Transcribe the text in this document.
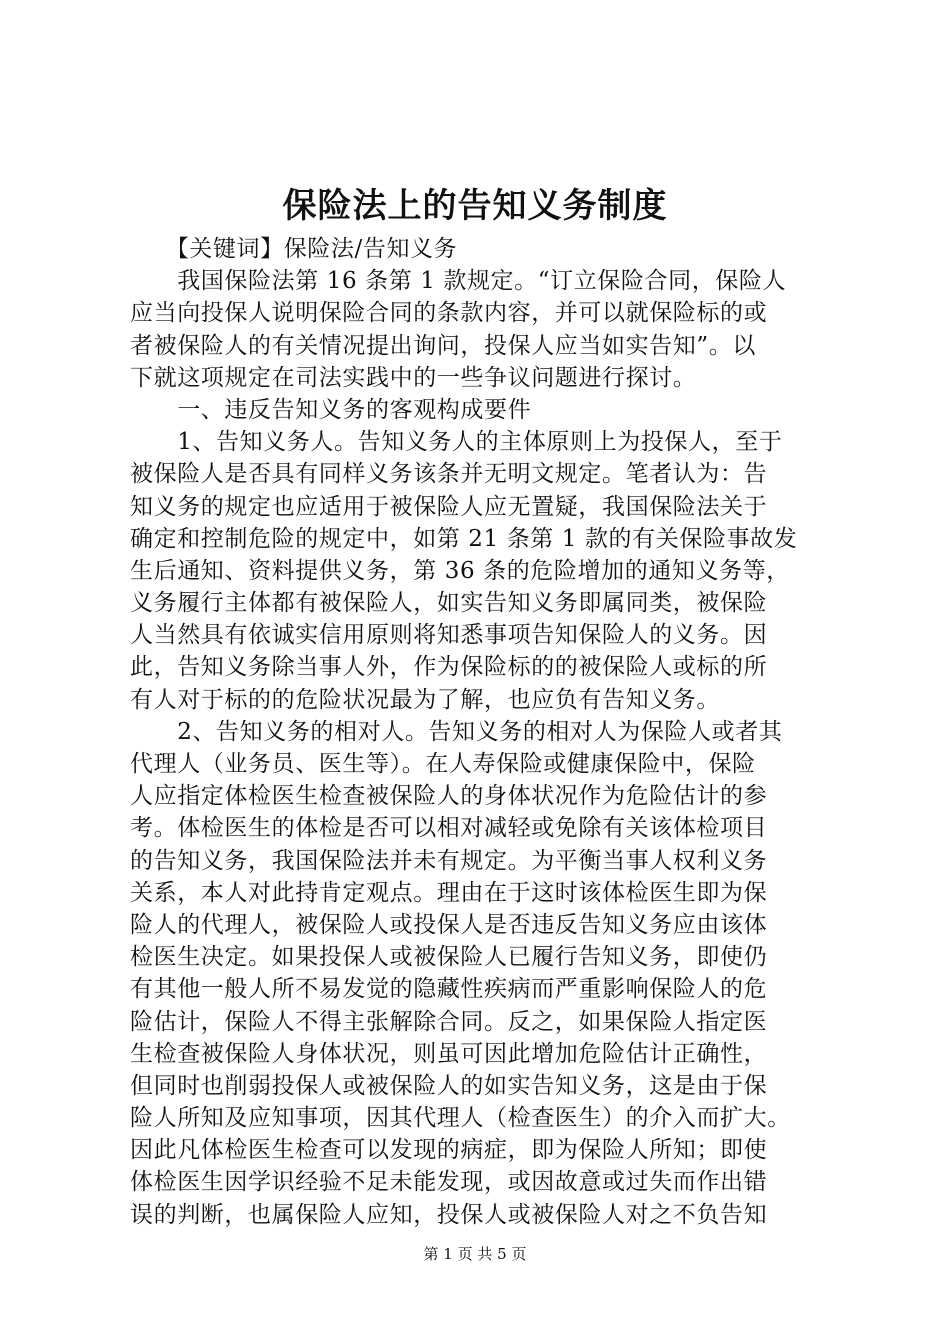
保险法上的告知义务制度
　　【关键词】保险法/告知义务
　　我国保险法第 16 条第 1 款规定。“订立保险合同，保险人
应当向投保人说明保险合同的条款内容，并可以就保险标的或
者被保险人的有关情况提出询问，投保人应当如实告知”。以
下就这项规定在司法实践中的一些争议问题进行探讨。
　　一、违反告知义务的客观构成要件
　　1、告知义务人。告知义务人的主体原则上为投保人，至于
被保险人是否具有同样义务该条并无明文规定。笔者认为：告
知义务的规定也应适用于被保险人应无置疑，我国保险法关于
确定和控制危险的规定中，如第 21 条第 1 款的有关保险事故发
生后通知、资料提供义务，第 36 条的危险增加的通知义务等，
义务履行主体都有被保险人，如实告知义务即属同类，被保险
人当然具有依诚实信用原则将知悉事项告知保险人的义务。因
此，告知义务除当事人外，作为保险标的的被保险人或标的所
有人对于标的的危险状况最为了解，也应负有告知义务。
　　2、告知义务的相对人。告知义务的相对人为保险人或者其
代理人（业务员、医生等）。在人寿保险或健康保险中，保险
人应指定体检医生检查被保险人的身体状况作为危险估计的参
考。体检医生的体检是否可以相对减轻或免除有关该体检项目
的告知义务，我国保险法并未有规定。为平衡当事人权利义务
关系，本人对此持肯定观点。理由在于这时该体检医生即为保
险人的代理人，被保险人或投保人是否违反告知义务应由该体
检医生决定。如果投保人或被保险人已履行告知义务，即使仍
有其他一般人所不易发觉的隐藏性疾病而严重影响保险人的危
险估计，保险人不得主张解除合同。反之，如果保险人指定医
生检查被保险人身体状况，则虽可因此增加危险估计正确性，
但同时也削弱投保人或被保险人的如实告知义务，这是由于保
险人所知及应知事项，因其代理人（检查医生）的介入而扩大。
因此凡体检医生检查可以发现的病症，即为保险人所知；即使
体检医生因学识经验不足未能发现，或因故意或过失而作出错
误的判断，也属保险人应知，投保人或被保险人对之不负告知
第 1 页 共 5 页
